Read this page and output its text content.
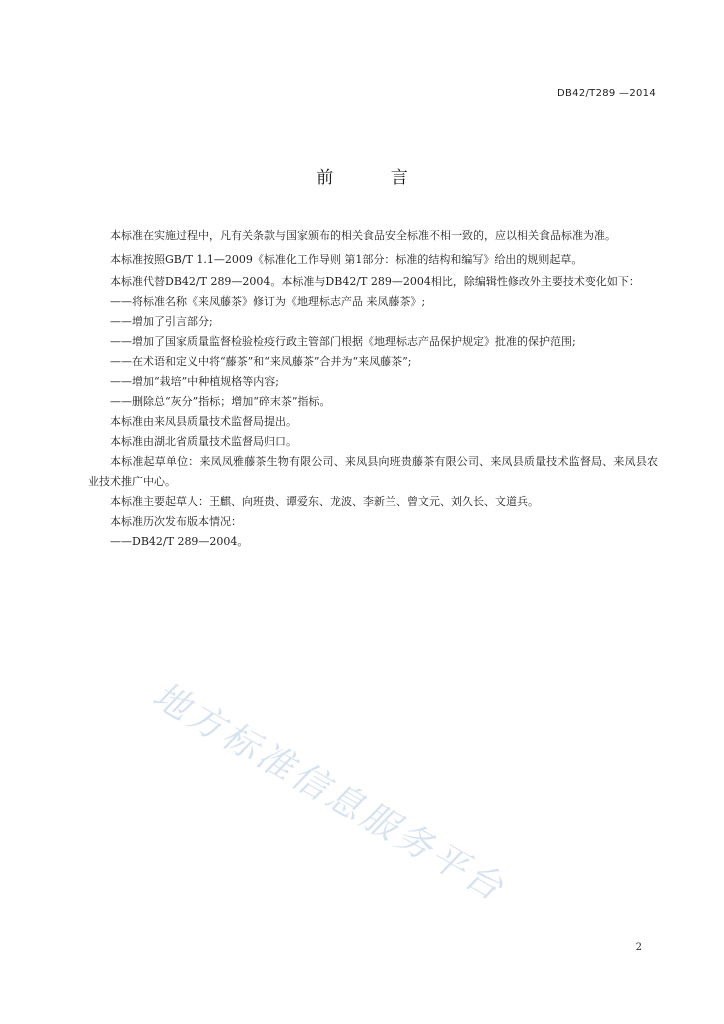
DB42/T289 —2014
前 言

本标准在实施过程中，凡有关条款与国家颁布的相关食品安全标准不相一致的，应以相关食品标准为准。

本标准按照GB/T 1.1—2009《标准化工作导则 第1部分：标准的结构和编写》给出的规则起草。

本标准代替DB42/T 289—2004。本标准与DB42/T 289—2004相比，除编辑性修改外主要技术变化如下：

——将标准名称《来凤藤茶》修订为《地理标志产品 来凤藤茶》;

——增加了引言部分;

——增加了国家质量监督检验检疫行政主管部门根据《地理标志产品保护规定》批准的保护范围;

——在术语和定义中将“藤茶”和“来凤藤茶”合并为“来凤藤茶”;

——增加“栽培”中种植规格等内容;

——删除总“灰分”指标；增加“碎末茶”指标。

本标准由来凤县质量技术监督局提出。

本标准由湖北省质量技术监督局归口。

本标准起草单位：来凤凤雅藤茶生物有限公司、来凤县向班贵藤茶有限公司、来凤县质量技术监督局、来凤县农业技术推广中心。

本标准主要起草人：王麒、向班贵、谭爱东、龙波、李新兰、曾文元、刘久长、文道兵。

本标准历次发布版本情况：

——DB42/T 289—2004。

地方标准信息服务平台
2
